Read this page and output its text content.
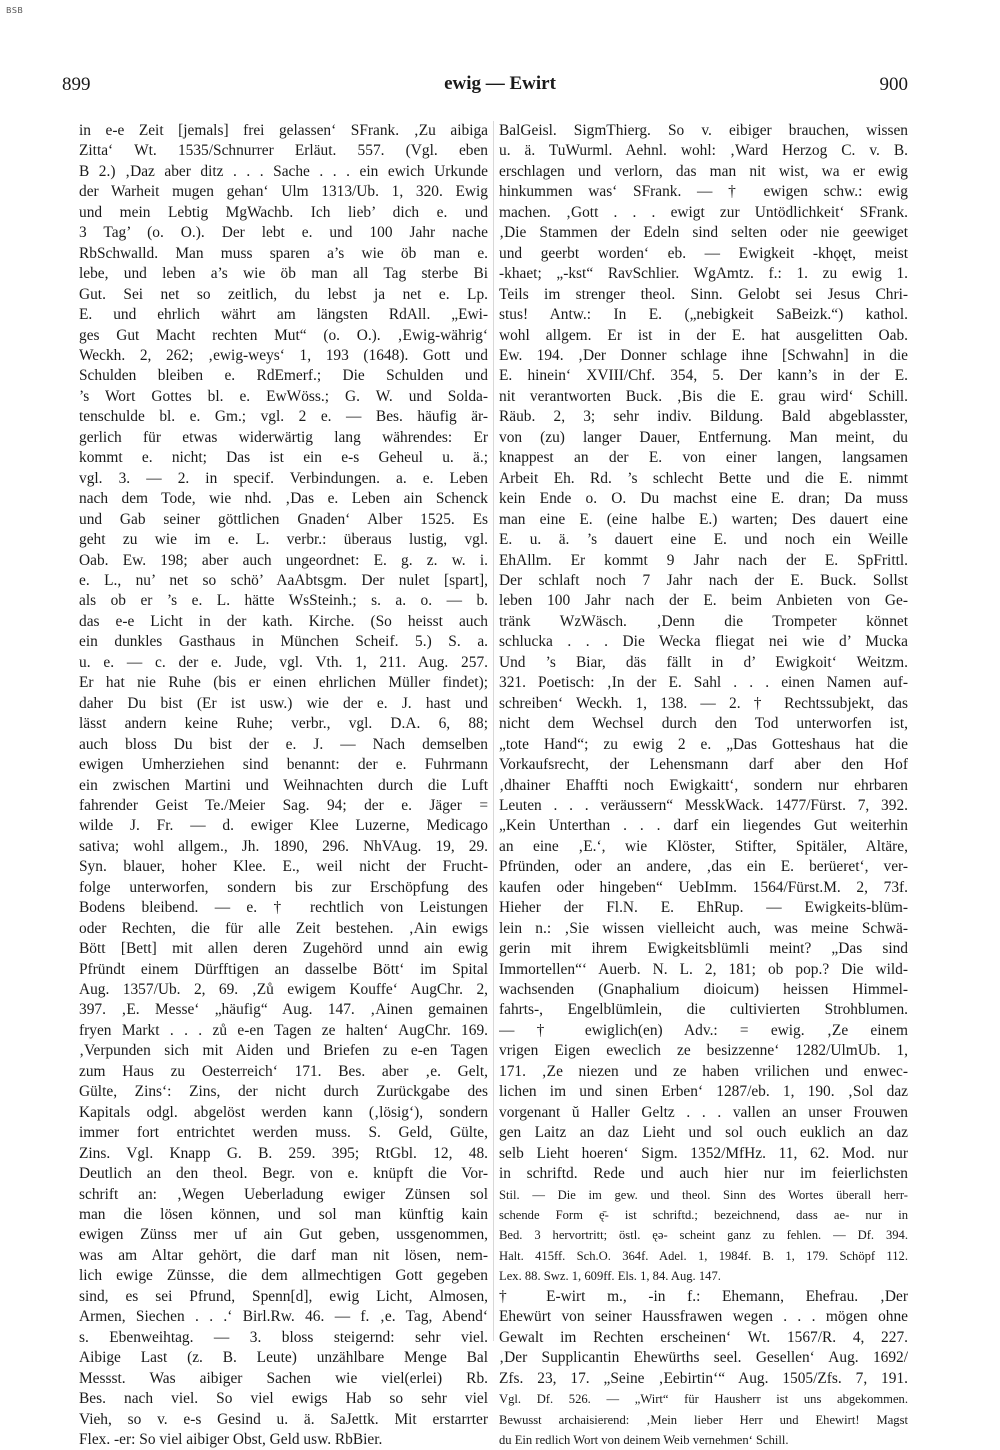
BSB
899	ewig — Ewirt	900
in e-e Zeit [jemals] frei gelassen‘ SFrank. ‚Zu aibiga
Zitta‘ Wt. 1535/Schnurrer Erläut. 557. (Vgl. eben
B 2.) ‚Daz aber ditz . . . Sache . . . ein ewich Urkunde
der Warheit mugen gehan‘ Ulm 1313/Ub. 1, 320. Ewig
und mein Lebtig MgWachb. Ich lieb’ dich e. und
3 Tag’ (o. O.). Der lebt e. und 100 Jahr nache
RbSchwalld. Man muss sparen a’s wie öb man e.
lebe, und leben a’s wie öb man all Tag sterbe Bi
Gut. Sei net so zeitlich, du lebst ja net e. Lp.
E. und ehrlich währt am längsten RdAll. „Ewi-
ges Gut Macht rechten Mut“ (o. O.). ‚Ewig-währig‘
Weckh. 2, 262; ‚ewig-weys‘ 1, 193 (1648). Gott und
Schulden bleiben e. RdEmerf.; Die Schulden und
’s Wort Gottes bl. e. EwWöss.; G. W. und Solda-
tenschulde bl. e. Gm.; vgl. 2 e. — Bes. häufig är-
gerlich für etwas widerwärtig lang währendes: Er
kommt e. nicht; Das ist ein e-s Geheul u. ä.;
vgl. 3. — 2. in specif. Verbindungen. a. e. Leben
nach dem Tode, wie nhd. ‚Das e. Leben ain Schenck
und Gab seiner göttlichen Gnaden‘ Alber 1525. Es
geht zu wie im e. L. verbr.: überaus lustig, vgl.
Oab. Ew. 198; aber auch ungeordnet: E. g. z. w. i.
e. L., nu’ net so schö’ AaAbtsgm. Der nulet [spart],
als ob er ’s e. L. hätte WsSteinh.; s. a. o. — b.
das e-e Licht in der kath. Kirche. (So heisst auch
ein dunkles Gasthaus in München Scheif. 5.) S. a.
u. e. — c. der e. Jude, vgl. Vth. 1, 211. Aug. 257.
Er hat nie Ruhe (bis er einen ehrlichen Müller findet);
daher Du bist (Er ist usw.) wie der e. J. hast und
lässt andern keine Ruhe; verbr., vgl. D.A. 6, 88;
auch bloss Du bist der e. J. — Nach demselben
ewigen Umherziehen sind benannt: der e. Fuhrmann
ein zwischen Martini und Weihnachten durch die Luft
fahrender Geist Te./Meier Sag. 94; der e. Jäger =
wilde J. Fr. — d. ewiger Klee Luzerne, Medicago
sativa; wohl allgem., Jh. 1890, 296. NhVAug. 19, 29.
Syn. blauer, hoher Klee. E., weil nicht der Frucht-
folge unterworfen, sondern bis zur Erschöpfung des
Bodens bleibend. — e. † rechtlich von Leistungen
oder Rechten, die für alle Zeit bestehen. ‚Ain ewigs
Bött [Bett] mit allen deren Zugehörd unnd ain ewig
Pfründt einem Dürfftigen an dasselbe Bött‘ im Spital
Aug. 1357/Ub. 2, 69. ‚Zů ewigem Kouffe‘ AugChr. 2,
397. ‚E. Messe‘ „häufig“ Aug. 147. ‚Ainen gemainen
fryen Markt . . . zů e-en Tagen ze halten‘ AugChr. 169.
‚Verpunden sich mit Aiden und Briefen zu e-en Tagen
zum Haus zu Oesterreich‘ 171. Bes. aber ‚e. Gelt,
Gülte, Zins‘: Zins, der nicht durch Zurückgabe des
Kapitals odgl. abgelöst werden kann (‚lösig‘), sondern
immer fort entrichtet werden muss. S. Geld, Gülte,
Zins. Vgl. Knapp G. B. 259. 395; RtGbl. 12, 48.
Deutlich an den theol. Begr. von e. knüpft die Vor-
schrift an: ‚Wegen Ueberladung ewiger Zünsen sol
man die lösen können, und sol man künftig kain
ewigen Zünss mer uf ain Gut geben, ussgenommen,
was am Altar gehört, die darf man nit lösen, nem-
lich ewige Zünsse, die dem allmechtigen Gott gegeben
sind, es sei Pfrund, Spenn[d], ewig Licht, Almosen,
Armen, Siechen . . .‘ Birl.Rw. 46. — f. ‚e. Tag, Abend‘
s. Ebenweihtag. — 3. bloss steigernd: sehr viel.
Aibige Last (z. B. Leute) unzählbare Menge Bal
Messst. Was aibiger Sachen wie viel(erlei) Rb.
Bes. nach viel. So viel ewigs Hab so sehr viel
Vieh, so v. e-s Gesind u. ä. SaJettk. Mit erstarrter
Flex. -er: So viel aibiger Obst, Geld usw. RbBier.
BalGeisl. SigmThierg. So v. eibiger brauchen, wissen
u. ä. TuWurml. Aehnl. wohl: ‚Ward Herzog C. v. B.
erschlagen und verlorn, das man nit wist, wa er ewig
hinkummen was‘ SFrank. — † ewigen schw.: ewig
machen. ‚Gott . . . ewigt zur Untödlichkeit‘ SFrank.
‚Die Stammen der Edeln sind selten oder nie geewiget
und geerbt worden‘ eb. — Ewigkeit -khǫęt, meist
-khaet; „-kst“ RavSchlier. WgAmtz. f.: 1. zu ewig 1.
Teils im strenger theol. Sinn. Gelobt sei Jesus Chri-
stus! Antw.: In E. („nebigkeit SaBeizk.“) kathol.
wohl allgem. Er ist in der E. hat ausgelitten Oab.
Ew. 194. ‚Der Donner schlage ihne [Schwahn] in die
E. hinein‘ XVIII/Chf. 354, 5. Der kann’s in der E.
nit verantworten Buck. ‚Bis die E. grau wird‘ Schill.
Räub. 2, 3; sehr indiv. Bildung. Bald abgeblasster,
von (zu) langer Dauer, Entfernung. Man meint, du
knappest an der E. von einer langen, langsamen
Arbeit Eh. Rd. ’s schlecht Bette und die E. nimmt
kein Ende o. O. Du machst eine E. dran; Da muss
man eine E. (eine halbe E.) warten; Des dauert eine
E. u. ä. ’s dauert eine E. und noch ein Weille
EhAllm. Er kommt 9 Jahr nach der E. SpFrittl.
Der schlaft noch 7 Jahr nach der E. Buck. Sollst
leben 100 Jahr nach der E. beim Anbieten von Ge-
tränk WzWäsch. ‚Denn die Trompeter könnet
schlucka . . . Die Wecka fliegat nei wie d’ Mucka
Und ’s Biar, däs fällt in d’ Ewigkoit‘ Weitzm.
321. Poetisch: ‚In der E. Sahl . . . einen Namen auf-
schreiben‘ Weckh. 1, 138. — 2. † Rechtssubjekt, das
nicht dem Wechsel durch den Tod unterworfen ist,
„tote Hand“; zu ewig 2 e. „Das Gotteshaus hat die
Vorkaufsrecht, der Lehensmann darf aber den Hof
‚dhainer Ehaffti noch Ewigkaitt‘, sondern nur ehrbaren
Leuten . . . veräussern“ MesskWack. 1477/Fürst. 7, 392.
„Kein Unterthan . . . darf ein liegendes Gut weiterhin
an eine ‚E.‘, wie Klöster, Stifter, Spitäler, Altäre,
Pfründen, oder an andere, ‚das ein E. berüeret‘, ver-
kaufen oder hingeben“ UebImm. 1564/Fürst.M. 2, 73f.
Hieher der Fl.N. E. EhRup. — Ewigkeits-blüm-
lein n.: ‚Sie wissen vielleicht auch, was meine Schwä-
gerin mit ihrem Ewigkeitsblümli meint? „Das sind
Immortellen“‘ Auerb. N. L. 2, 181; ob pop.? Die wild-
wachsenden (Gnaphalium dioicum) heissen Himmel-
fahrts-, Engelblümlein, die cultivierten Strohblumen.
— † ewiglich(en) Adv.: = ewig. ‚Ze einem
vrigen Eigen eweclich ze besizzenne‘ 1282/UlmUb. 1,
171. ‚Ze niezen und ze haben vrilichen und enwec-
lichen im und sinen Erben‘ 1287/eb. 1, 190. ‚Sol daz
vorgenant ŭ Haller Geltz . . . vallen an unser Frouwen
gen Laitz an daz Lieht und sol ouch euklich an daz
selb Lieht hoeren‘ Sigm. 1352/MfHz. 11, 62. Mod. nur
in schriftd. Rede und auch hier nur im feierlichsten
Stil. — Die im gew. und theol. Sinn des Wortes überall herr-
schende Form ę̄- ist schriftd.; bezeichnend, dass ae- nur in
Bed. 3 hervortritt; östl. ęə- scheint ganz zu fehlen. — Df. 394.
Halt. 415ff. Sch.O. 364f. Adel. 1, 1984f. B. 1, 179. Schöpf 112.
Lex. 88. Swz. 1, 609ff. Els. 1, 84. Aug. 147.
† E-wirt m., -in f.: Ehemann, Ehefrau. ‚Der
Ehewürt von seiner Haussfrawen wegen . . . mögen ohne
Gewalt im Rechten erscheinen‘ Wt. 1567/R. 4, 227.
‚Der Supplicantin Ehewürths seel. Gesellen‘ Aug. 1692/
Zfs. 23, 17. „Seine ‚Eebirtin‘“ Aug. 1505/Zfs. 7, 191.
Vgl. Df. 526. — „Wirt“ für Hausherr ist uns abgekommen.
Bewusst archaisierend: ‚Mein lieber Herr und Ehewirt! Magst
du Ein redlich Wort von deinem Weib vernehmen‘ Schill.
